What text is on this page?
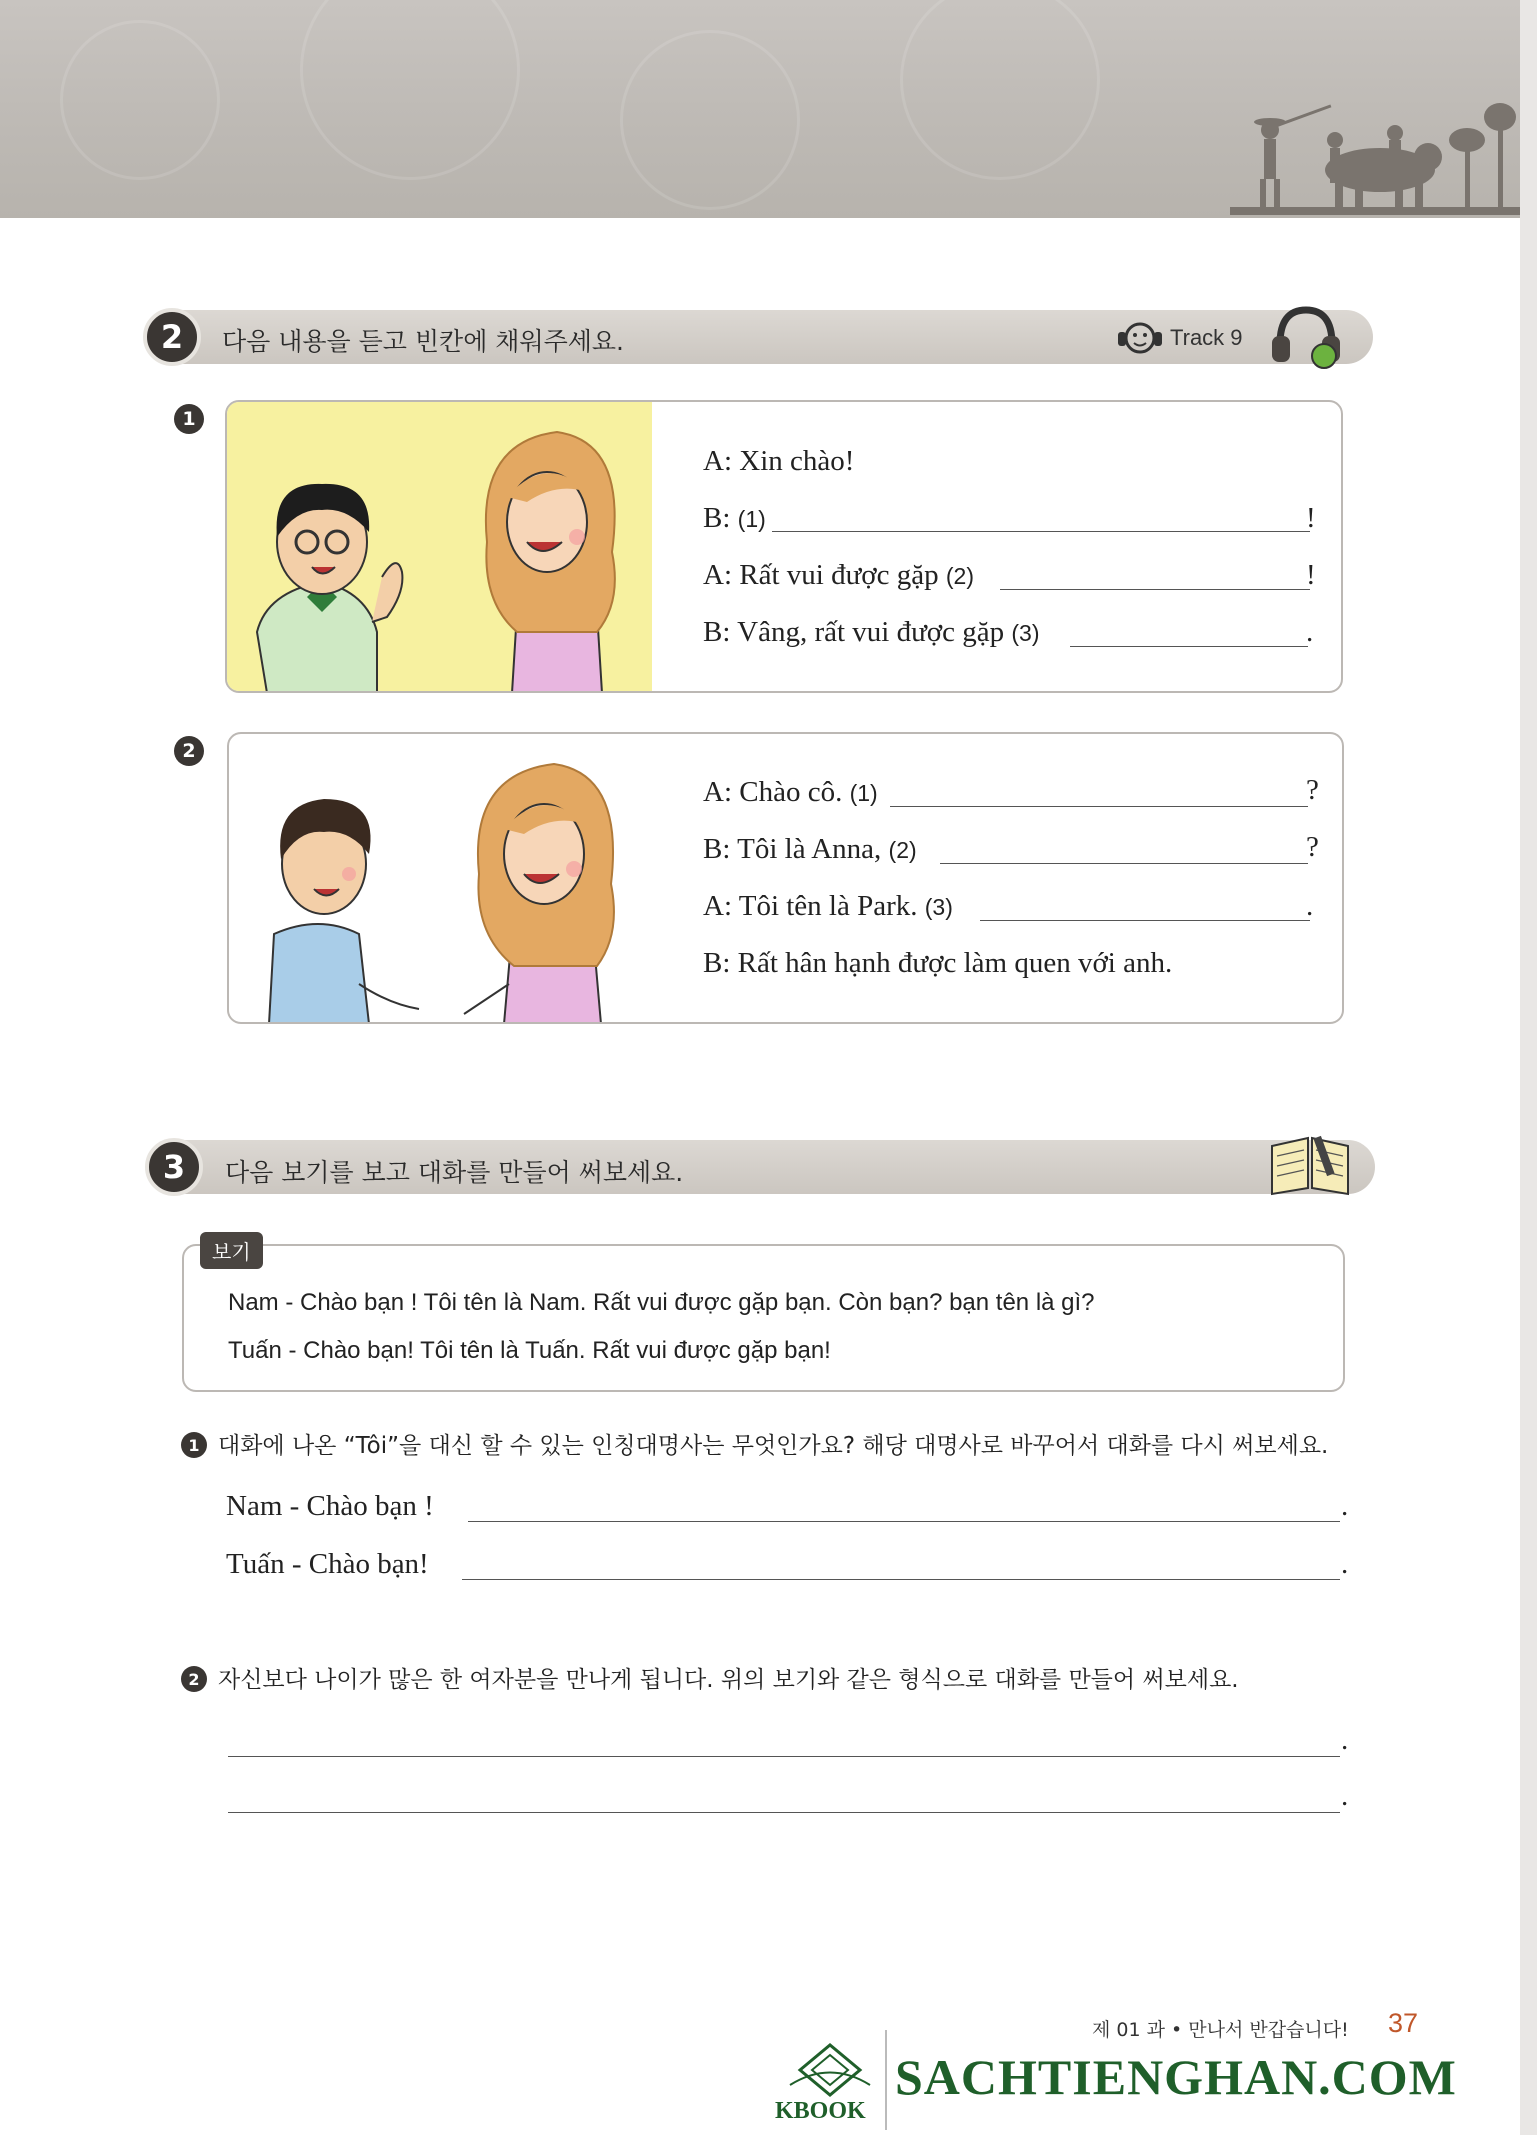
2	다음 내용을 듣고 빈칸에 채워주세요.	Track 9
1
A: Xin chào!
B: (1)	!
A: Rất vui được gặp (2)	!
B: Vâng, rất vui được gặp (3)	.
2
A: Chào cô. (1)	?
B: Tôi là Anna, (2)	?
A: Tôi tên là Park. (3)	.
B: Rất hân hạnh được làm quen với anh.
3	다음 보기를 보고 대화를 만들어 써보세요.
보기
Nam - Chào bạn ! Tôi tên là Nam. Rất vui được gặp bạn. Còn bạn? bạn tên là gì?
Tuấn - Chào bạn! Tôi tên là Tuấn. Rất vui được gặp bạn!
1 대화에 나온 “Tôi”을 대신 할 수 있는 인칭대명사는 무엇인가요? 해당 대명사로 바꾸어서 대화를 다시 써보세요.
Nam - Chào bạn !	.
Tuấn - Chào bạn!	.
2 자신보다 나이가 많은 한 여자분을 만나게 됩니다. 위의 보기와 같은 형식으로 대화를 만들어 써보세요.
.
.
제 01 과 • 만나서 반갑습니다! 37
KBOOK
SACHTIENGHAN.COM
